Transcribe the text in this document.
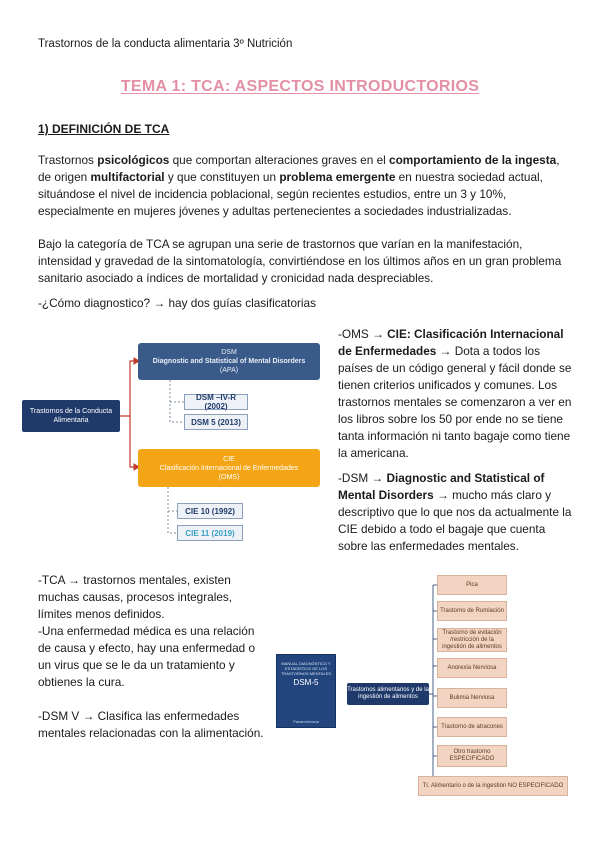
Trastornos de la conducta alimentaria 3º Nutrición
TEMA 1: TCA: ASPECTOS INTRODUCTORIOS
1) DEFINICIÓN DE TCA
Trastornos psicológicos que comportan alteraciones graves en el comportamiento de la ingesta, de origen multifactorial y que constituyen un problema emergente en nuestra sociedad actual, situándose el nivel de incidencia poblacional, según recientes estudios, entre un 3 y 10%, especialmente en mujeres jóvenes y adultas pertenecientes a sociedades industrializadas.
Bajo la categoría de TCA se agrupan una serie de trastornos que varían en la manifestación, intensidad y gravedad de la sintomatología, convirtiéndose en los últimos años en un gran problema sanitario asociado a índices de mortalidad y cronicidad nada despreciables.
-¿Cómo diagnostico? → hay dos guías clasificatorias
Trastornos de la Conducta Alimentaria
DSM
Diagnostic and Statistical of Mental Disorders
(APA)
DSM –IV-R (2002)
DSM 5 (2013)
CIE
Clasificación Internacional de Enfermedades
(OMS)
CIE 10 (1992)
CIE 11 (2019)
-OMS → CIE: Clasificación Internacional de Enfermedades → Dota a todos los países de un código general y fácil donde se tienen criterios unificados y comunes. Los trastornos mentales se comenzaron a ver en los libros sobre los 50 por ende no se tiene tanta información ni tanto bagaje como tiene la americana.
-DSM → Diagnostic and Statistical of Mental Disorders → mucho más claro y descriptivo que lo que nos da actualmente la CIE debido a todo el bagaje que cuenta sobre las enfermedades mentales.

-TCA → trastornos mentales, existen muchas causas, procesos integrales, límites menos definidos.

-Una enfermedad médica es una relación de causa y efecto, hay una enfermedad o un virus que se le da un tratamiento y obtienes la cura.

-DSM V → Clasifica las enfermedades mentales relacionadas con la alimentación.

MANUAL DIAGNÓSTICO Y ESTADÍSTICO DE LOS TRASTORNOS MENTALES
DSM-5
Panamericana
Trastornos alimentarios y de la ingestión de alimentos
Pica
Trastorno de Rumiación
Trastorno de evitación /restricción de la ingestión de alimentos
Anorexia Nerviosa
Bulimia Nerviosa
Trastorno de atracones
Otro trastorno ESPECIFICADO
Tr. Alimentario o de la ingestión NO ESPECIFICADO
